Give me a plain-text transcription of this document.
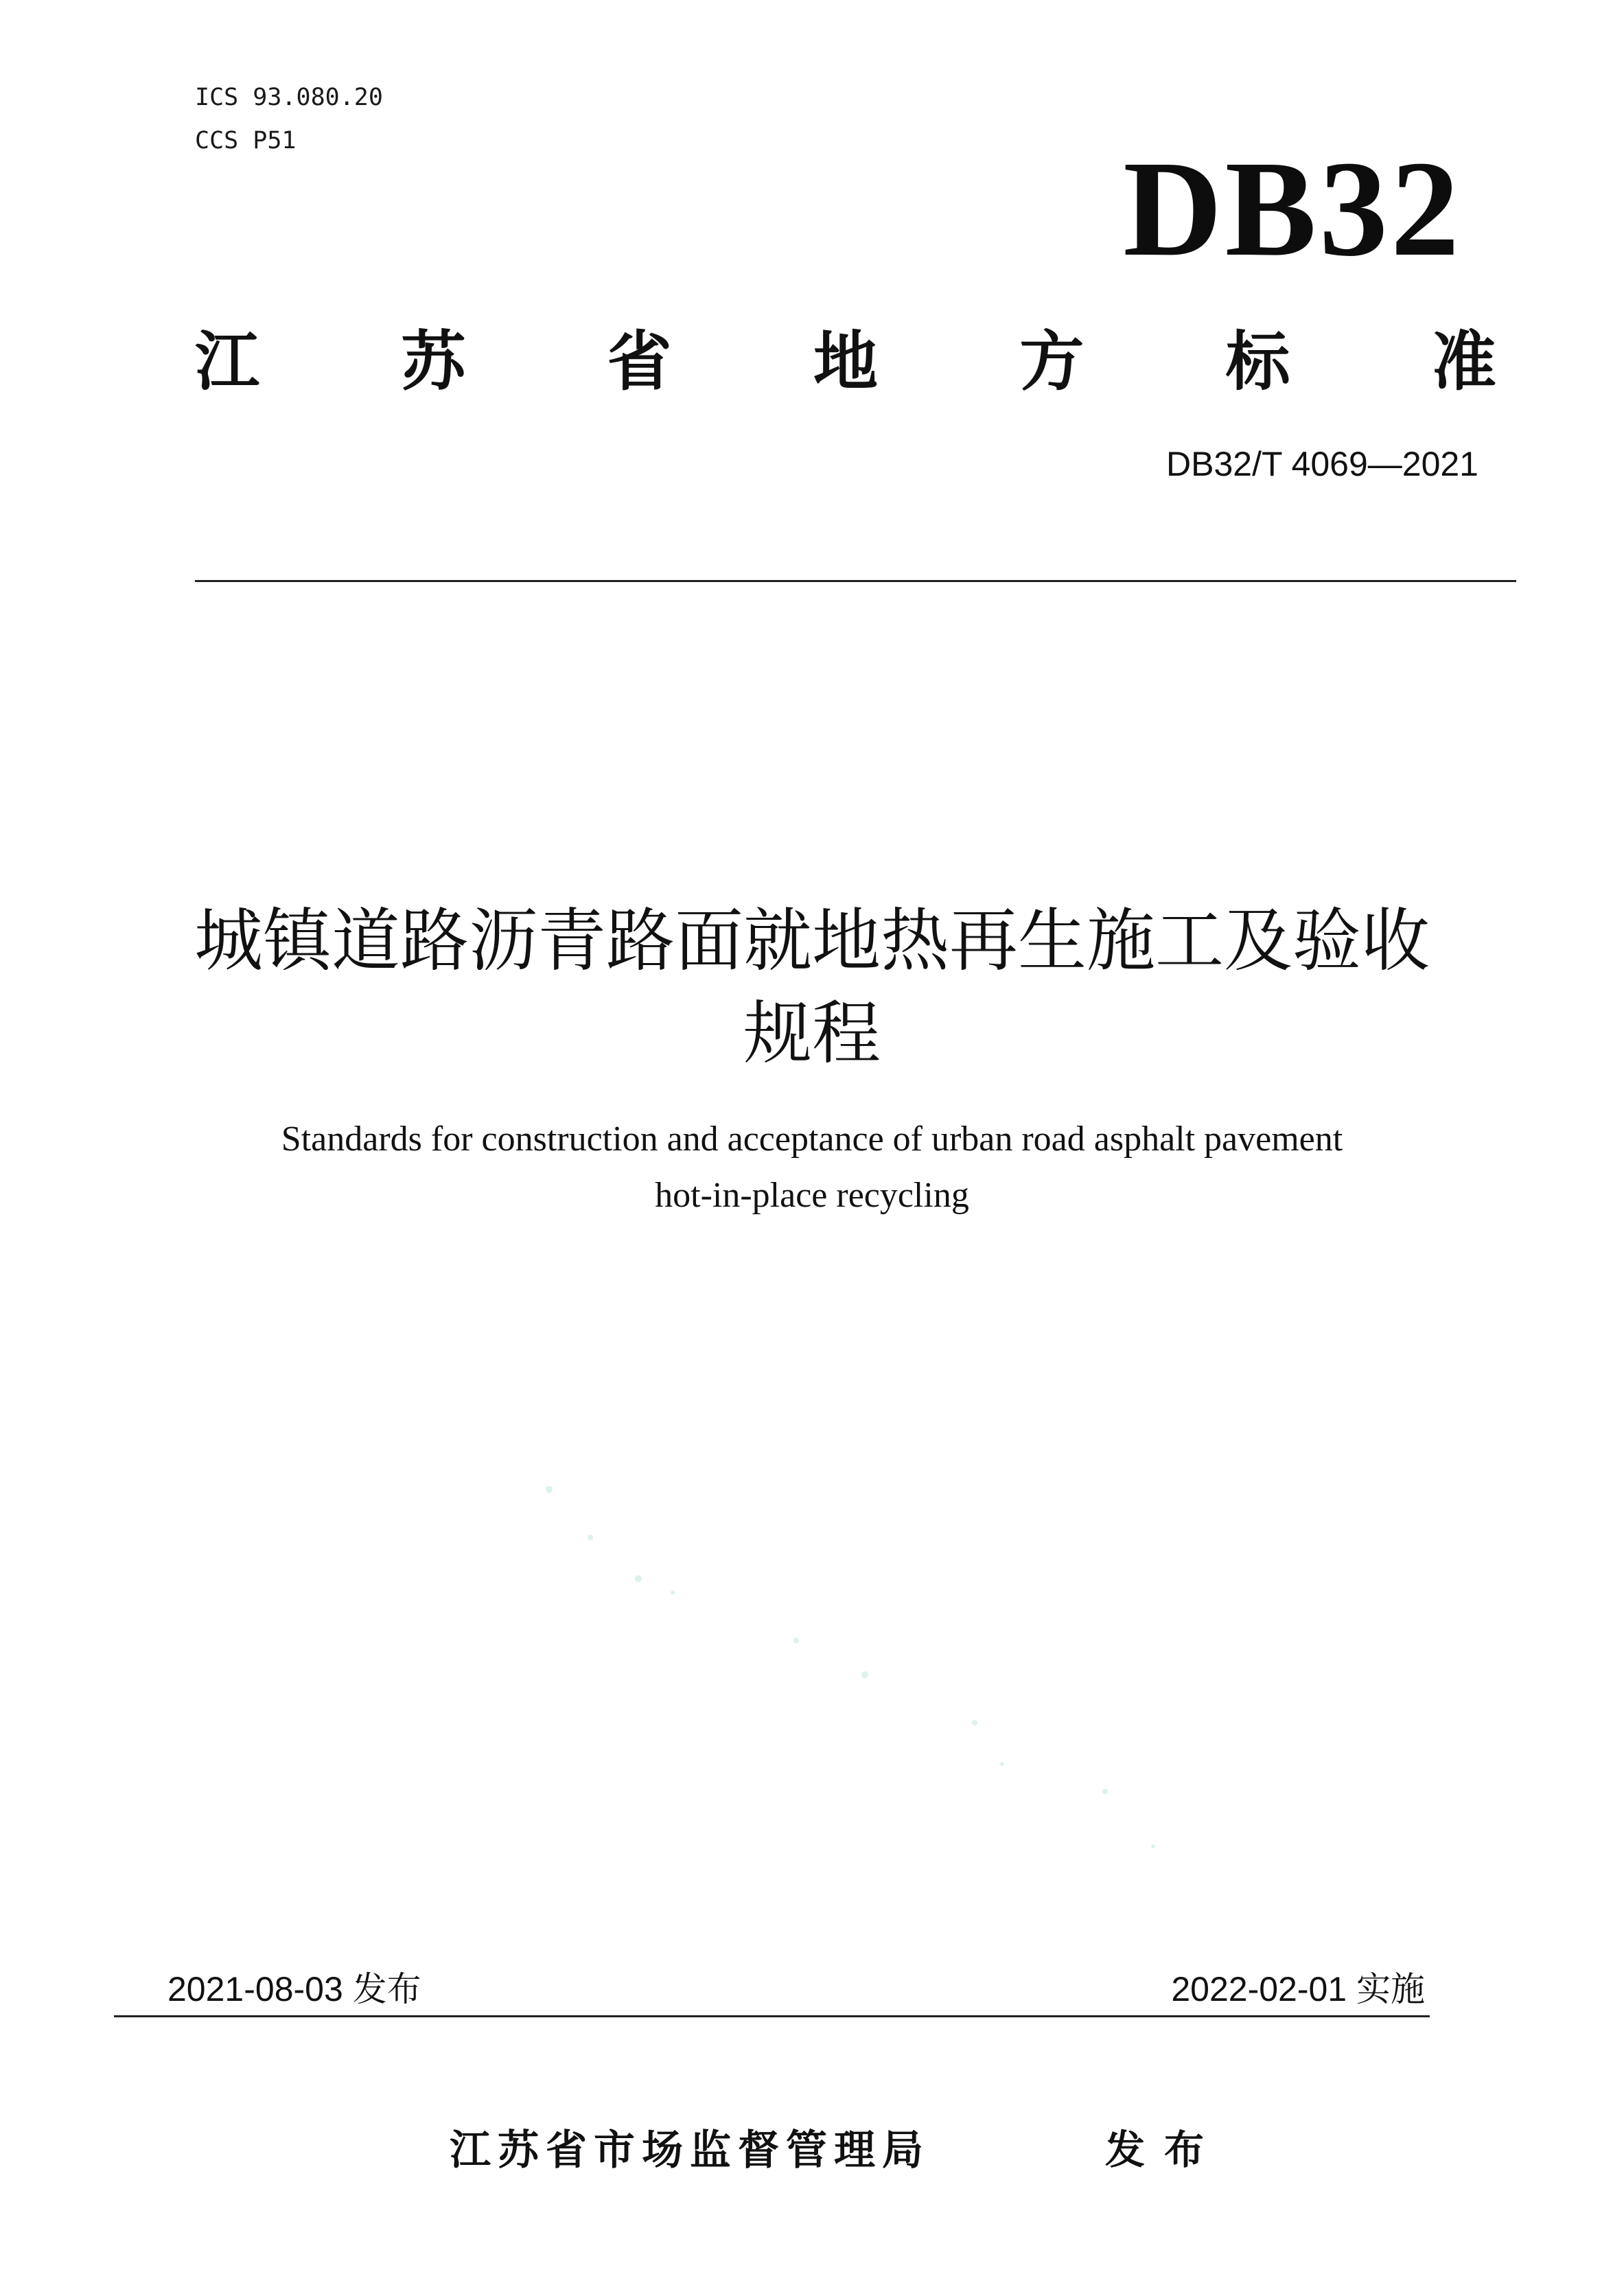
ICS 93.080.20
CCS P51	DB32
江 苏 省 地 方 标 准
DB32/T 4069—2021
城镇道路沥青路面就地热再生施工及验收
规程
Standards for construction and acceptance of urban road asphalt pavement
hot-in-place recycling
2021-08-03 发布	2022-02-01 实施
江苏省市场监督管理局	发布
